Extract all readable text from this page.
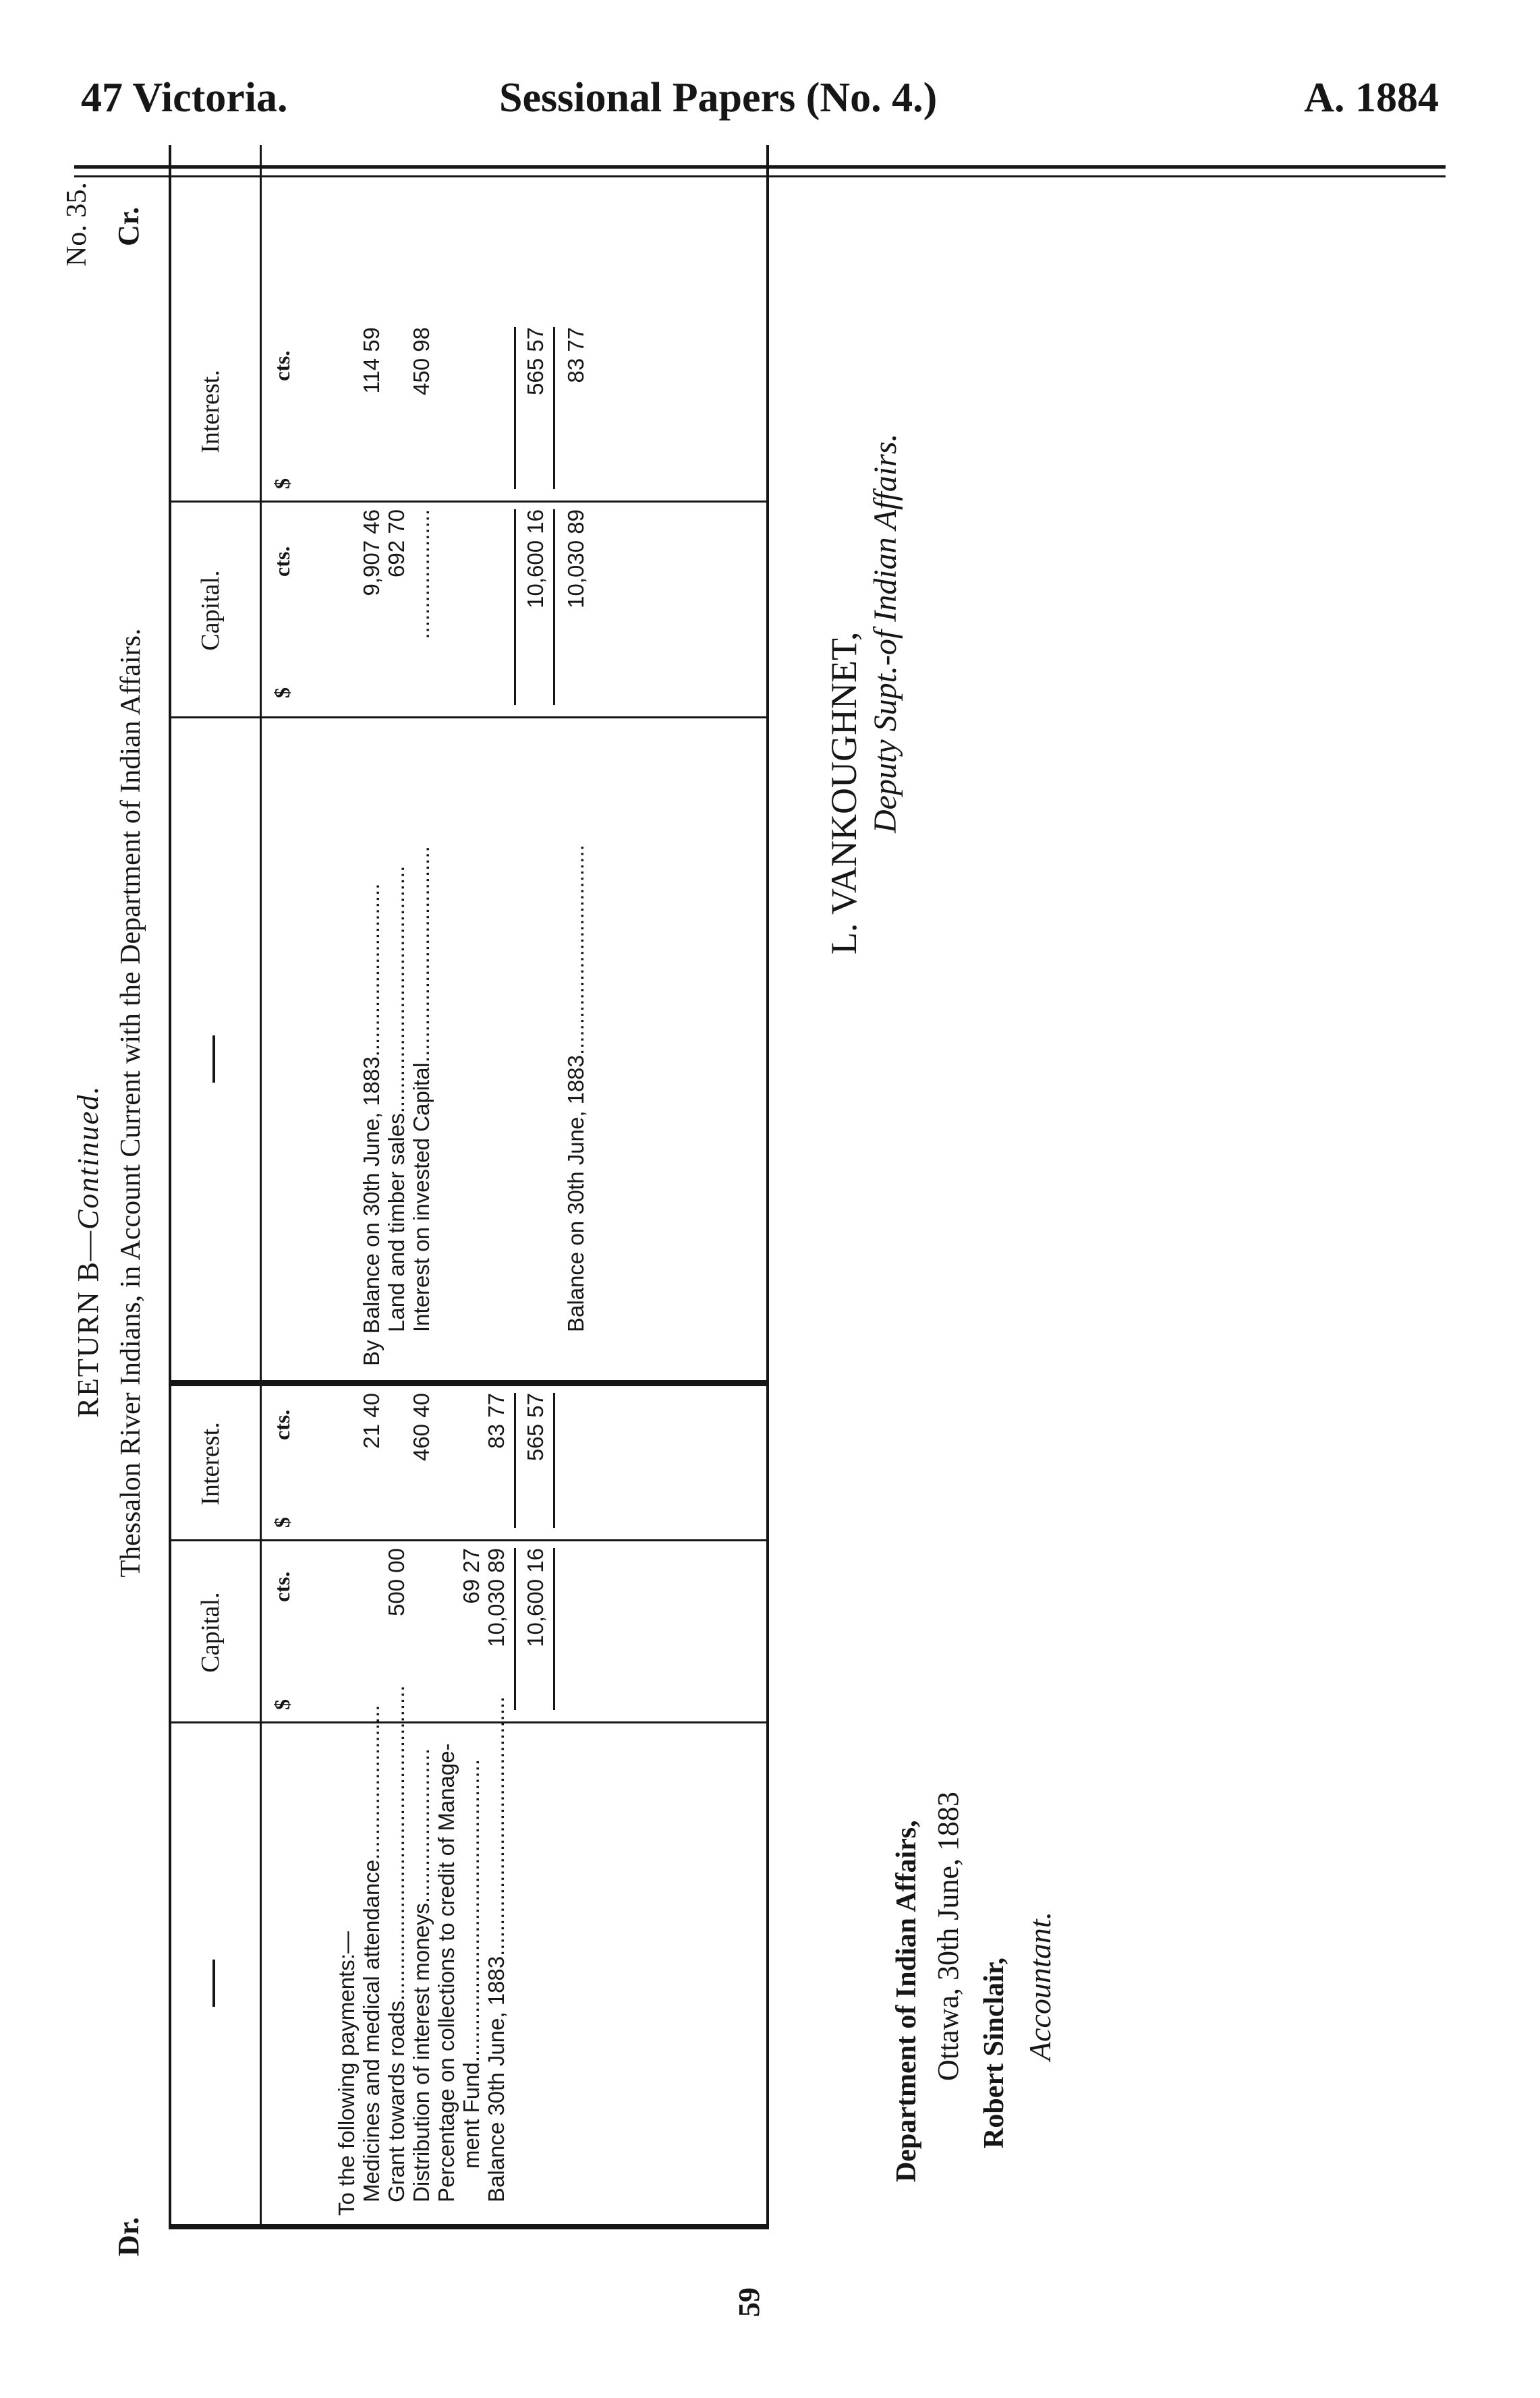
47 Victoria.	Sessional Papers (No. 4.)	A. 1884
RETURN B—Continued. Thessalon River Indians, in Account Current with the Department of Indian Affairs.
Dr.
No. 35. Cr.
Capital.
Interest.
Capital.
Interest.
$
cts.
$
cts.
$
cts.
$
cts.
To the following payments:— Medicines and medical attendance.........................
21 40
Grant towards roads...................................................
500 00
Distribution of interest moneys.........................
460 40
Percentage on collections to credit of Manage- ment Fund.................................................
69 27
Balance 30th June, 1883..........................................
10,030 89
83 77
10,600 16
565 57
By Balance on 30th June, 1883............................
9,907 46
114 59
Land and timber sales........................................
692 70
Interest on invested Capital...................................
.....................
450 98
10,600 16
565 57
Balance on 30th June, 1883..................................
10,030 89
83 77
59
L. VANKOUGHNET, Deputy Supt.-of Indian Affairs.
Department of Indian Affairs, Ottawa, 30th June, 1883 Robert Sinclair, Accountant.
